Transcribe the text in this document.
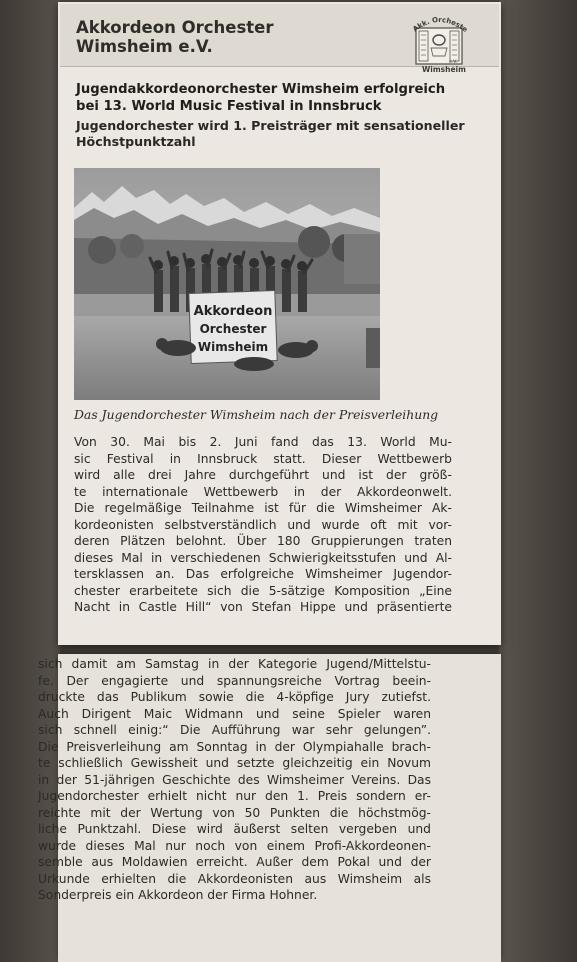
Akkordeon Orchester
Wimsheim e.V.
Akk. Orcheste
e.V.
Wimsheim
Jugendakkordeonorchester Wimsheim erfolgreich
bei 13. World Music Festival in Innsbruck
Jugendorchester wird 1. Preisträger mit sensationeller
Höchstpunktzahl
Akkordeon
Orchester
Wimsheim

Das Jugendorchester Wimsheim nach der Preisverleihung

Von 30. Mai bis 2. Juni fand das 13. World Mu-
sic Festival in Innsbruck statt. Dieser Wettbewerb
wird alle drei Jahre durchgeführt und ist der größ-
te internationale Wettbewerb in der Akkordeonwelt.
Die regelmäßige Teilnahme ist für die Wimsheimer Ak-
kordeonisten selbstverständlich und wurde oft mit vor-
deren Plätzen belohnt. Über 180 Gruppierungen traten
dieses Mal in verschiedenen Schwierigkeitsstufen und Al-
tersklassen an. Das erfolgreiche Wimsheimer Jugendor-
chester erarbeitete sich die 5-sätzige Komposition „Eine
Nacht in Castle Hill“ von Stefan Hippe und präsentierte
sich damit am Samstag in der Kategorie Jugend/Mittelstu-
fe. Der engagierte und spannungsreiche Vortrag beein-
druckte das Publikum sowie die 4-köpfige Jury zutiefst.
Auch Dirigent Maic Widmann und seine Spieler waren
sich schnell einig:“ Die Aufführung war sehr gelungen”.
Die Preisverleihung am Sonntag in der Olympiahalle brach-
te schließlich Gewissheit und setzte gleichzeitig ein Novum
in der 51-jährigen Geschichte des Wimsheimer Vereins. Das
Jugendorchester erhielt nicht nur den 1. Preis sondern er-
reichte mit der Wertung von 50 Punkten die höchstmög-
liche Punktzahl. Diese wird äußerst selten vergeben und
wurde dieses Mal nur noch von einem Profi-Akkordeonen-
semble aus Moldawien erreicht. Außer dem Pokal und der
Urkunde erhielten die Akkordeonisten aus Wimsheim als
Sonderpreis ein Akkordeon der Firma Hohner.
